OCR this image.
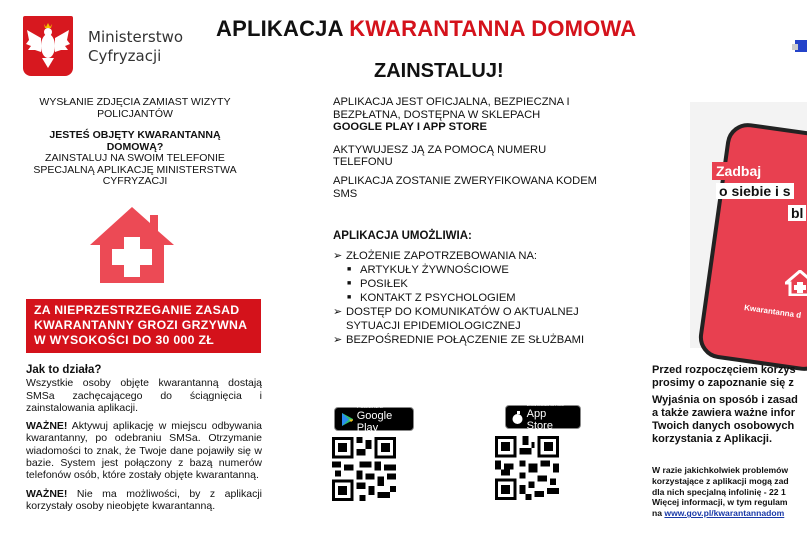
Ministerstwo
Cyfryzacji
APLIKACJA KWARANTANNA DOMOWA
ZAINSTALUJ!
WYSŁANIE ZDJĘCIA ZAMIAST WIZYTY POLICJANTÓW
JESTEŚ OBJĘTY KWARANTANNĄ DOMOWĄ?
ZAINSTALUJ NA SWOIM TELEFONIE SPECJALNĄ APLIKACJĘ MINISTERSTWA CYFRYZACJI
ZA NIEPRZESTRZEGANIE ZASAD
KWARANTANNY GROZI GRZYWNA
W WYSOKOŚCI DO 30 000 ZŁ
Jak to działa?

Wszystkie osoby objęte kwarantanną dostają SMSa zachęcającego do ściągnięcia i zainstalowania aplikacji.

WAŻNE! Aktywuj aplikację w miejscu odbywania kwarantanny, po odebraniu SMSa. Otrzymanie wiadomości to znak, że Twoje dane pojawiły się w bazie. System jest połączony z bazą numerów telefonów osób, które zostały objęte kwarantanną.

WAŻNE! Nie ma możliwości, by z aplikacji korzystały osoby nieobjęte kwarantanną.

APLIKACJA JEST OFICJALNA, BEZPIECZNA I BEZPŁATNA, DOSTĘPNA W SKLEPACH
GOOGLE PLAY I APP STORE

AKTYWUJESZ JĄ ZA POMOCĄ NUMERU TELEFONU

APLIKACJA ZOSTANIE ZWERYFIKOWANA KODEM SMS

APLIKACJA UMOŻLIWIA:
➢ ZŁOŻENIE ZAPOTRZEBOWANIA NA:
■ ARTYKUŁY ŻYWNOŚCIOWE
■ POSIŁEK
■ KONTAKT Z PSYCHOLOGIEM
➢ DOSTĘP DO KOMUNIKATÓW O AKTUALNEJ SYTUACJI EPIDEMIOLOGICZNEJ
➢ BEZPOŚREDNIE POŁĄCZENIE ZE SŁUŻBAMI
POBIERZ Z
Google Play
Download on the
App Store
Zadbaj
o siebie i s
bl
Kwarantanna d

Przed rozpoczęciem korzys
prosimy o zapoznanie się z

Wyjaśnia on sposób i zasad
a także zawiera ważne infor
Twoich danych osobowych
korzystania z Aplikacji.

W razie jakichkolwiek problemów
korzystające z aplikacji mogą zad
dla nich specjalną infolinię - 22 1
Więcej informacji, w tym regulam
na www.gov.pl/kwarantannadom
